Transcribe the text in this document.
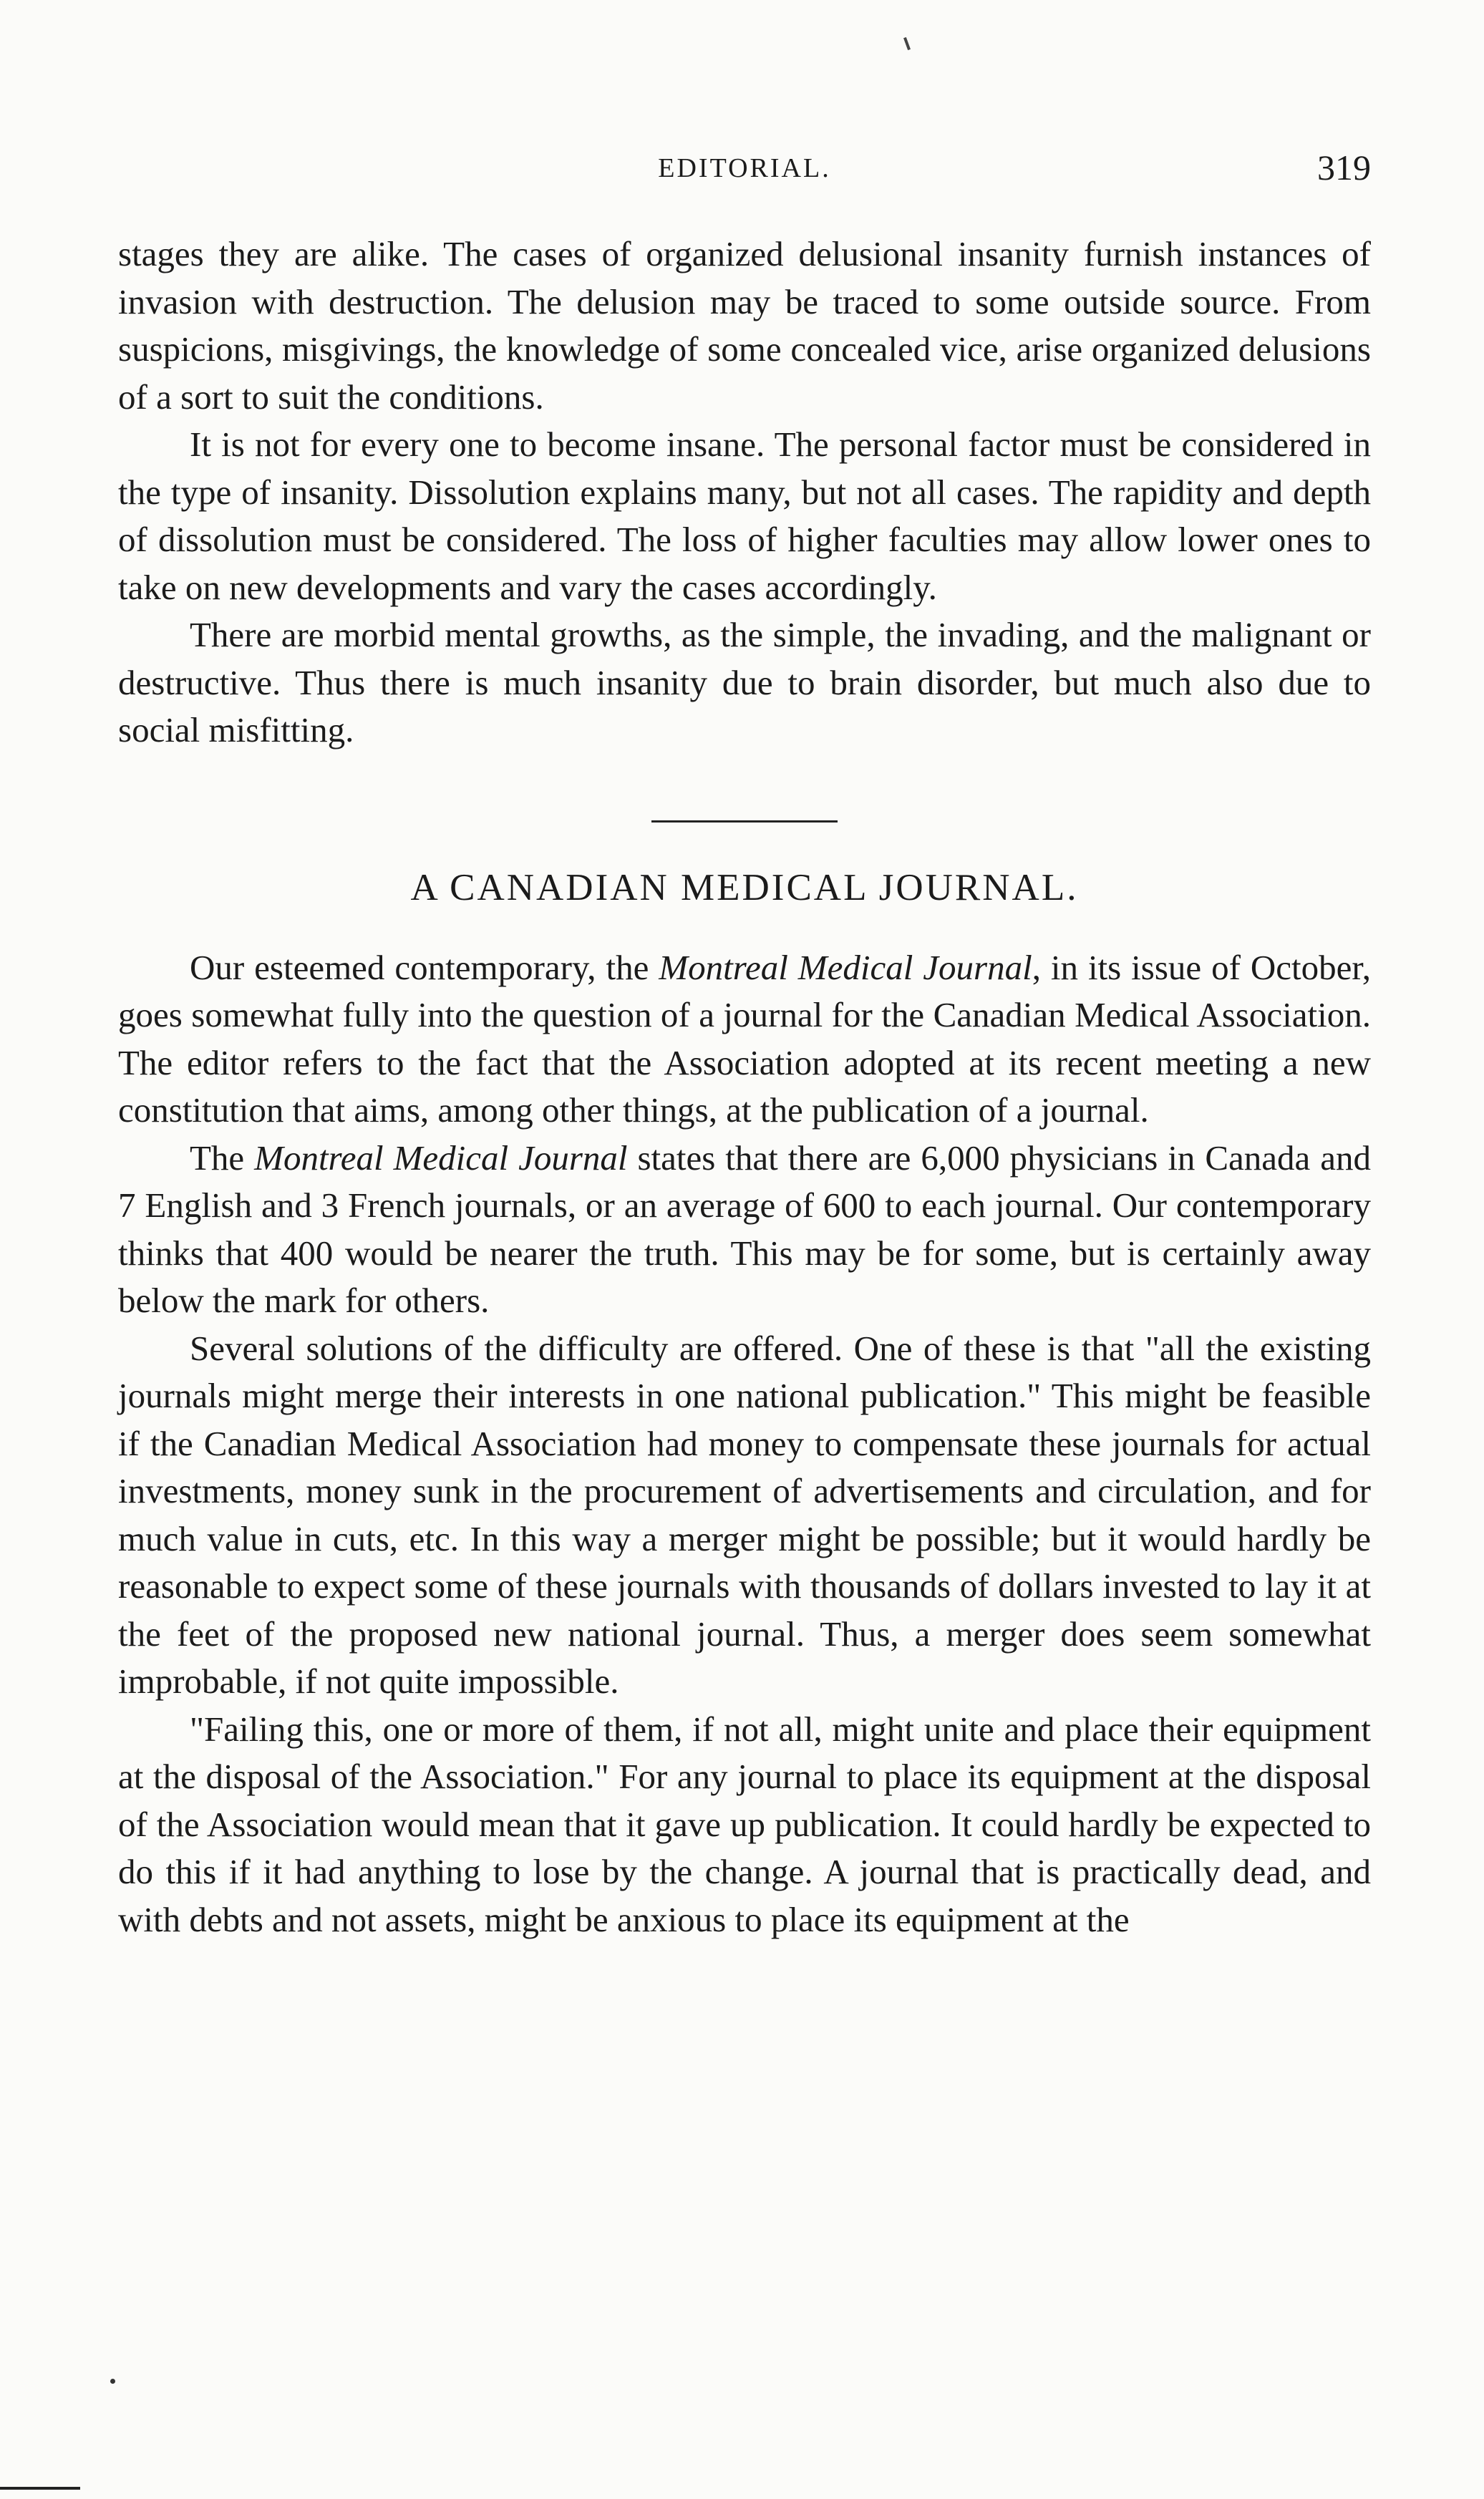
EDITORIAL.	319

stages they are alike. The cases of organized delusional insanity furnish instances of invasion with destruction. The delusion may be traced to some outside source. From suspicions, misgivings, the knowledge of some concealed vice, arise organized delusions of a sort to suit the conditions.

It is not for every one to become insane. The personal factor must be considered in the type of insanity. Dissolution explains many, but not all cases. The rapidity and depth of dissolution must be considered. The loss of higher faculties may allow lower ones to take on new developments and vary the cases accordingly.

There are morbid mental growths, as the simple, the invading, and the malignant or destructive. Thus there is much insanity due to brain disorder, but much also due to social misfitting.

A CANADIAN MEDICAL JOURNAL.

Our esteemed contemporary, the Montreal Medical Journal, in its issue of October, goes somewhat fully into the question of a journal for the Canadian Medical Association. The editor refers to the fact that the Association adopted at its recent meeting a new constitution that aims, among other things, at the publication of a journal.

The Montreal Medical Journal states that there are 6,000 physicians in Canada and 7 English and 3 French journals, or an average of 600 to each journal. Our contemporary thinks that 400 would be nearer the truth. This may be for some, but is certainly away below the mark for others.

Several solutions of the difficulty are offered. One of these is that "all the existing journals might merge their interests in one national publication." This might be feasible if the Canadian Medical Association had money to compensate these journals for actual investments, money sunk in the procurement of advertisements and circulation, and for much value in cuts, etc. In this way a merger might be possible; but it would hardly be reasonable to expect some of these journals with thousands of dollars invested to lay it at the feet of the proposed new national journal. Thus, a merger does seem somewhat improbable, if not quite impossible.

"Failing this, one or more of them, if not all, might unite and place their equipment at the disposal of the Association." For any journal to place its equipment at the disposal of the Association would mean that it gave up publication. It could hardly be expected to do this if it had anything to lose by the change. A journal that is practically dead, and with debts and not assets, might be anxious to place its equipment at the
